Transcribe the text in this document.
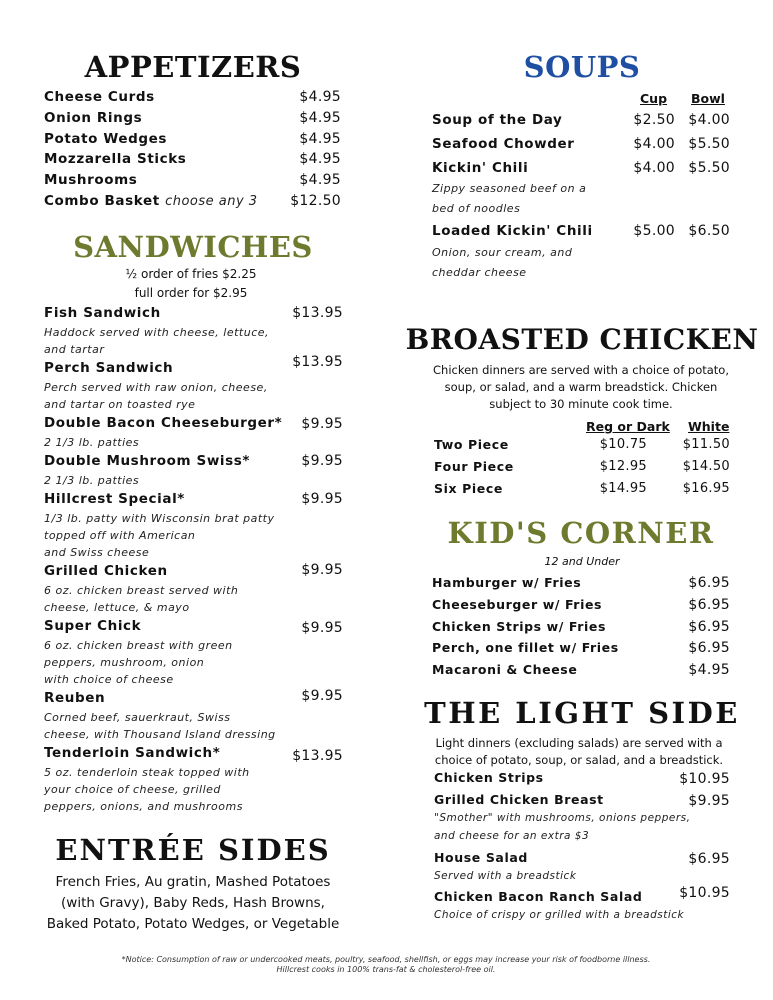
APPETIZERS
Cheese Curds	$4.95
Onion Rings	$4.95
Potato Wedges	$4.95
Mozzarella Sticks	$4.95
Mushrooms	$4.95
Combo Basket choose any 3 $12.50
SANDWICHES
½ order of fries $2.25
full order for $2.95
Fish Sandwich	$13.95
Haddock served with cheese, lettuce,
and tartar
Perch Sandwich	$13.95
Perch served with raw onion, cheese,
and tartar on toasted rye
Double Bacon Cheeseburger* $9.95
2 1/3 lb. patties
Double Mushroom Swiss*	$9.95
2 1/3 lb. patties
Hillcrest Special*	$9.95
1/3 lb. patty with Wisconsin brat patty
topped off with American
and Swiss cheese
Grilled Chicken	$9.95
6 oz. chicken breast served with
cheese, lettuce, & mayo
Super Chick	$9.95
6 oz. chicken breast with green
peppers, mushroom, onion
with choice of cheese
Reuben	$9.95
Corned beef, sauerkraut, Swiss
cheese, with Thousand Island dressing
Tenderloin Sandwich*	$13.95
5 oz. tenderloin steak topped with
your choice of cheese, grilled
peppers, onions, and mushrooms
ENTRÉE SIDES
French Fries, Au gratin, Mashed Potatoes
(with Gravy), Baby Reds, Hash Browns,
Baked Potato, Potato Wedges, or Vegetable
SOUPS
Cup Bowl
Soup of the Day	$2.50 $4.00
Seafood Chowder	$4.00 $5.50
Kickin' Chili	$4.00 $5.50
Zippy seasoned beef on a
bed of noodles
Loaded Kickin' Chili	$5.00 $6.50
Onion, sour cream, and
cheddar cheese
BROASTED CHICKEN
Chicken dinners are served with a choice of potato,
soup, or salad, and a warm breadstick. Chicken
subject to 30 minute cook time.
Reg or Dark White
Two Piece	$10.75	$11.50
Four Piece	$12.95	$14.50
Six Piece	$14.95	$16.95
KID'S CORNER
12 and Under
Hamburger w/ Fries	$6.95
Cheeseburger w/ Fries	$6.95
Chicken Strips w/ Fries	$6.95
Perch, one fillet w/ Fries	$6.95
Macaroni & Cheese	$4.95
THE LIGHT SIDE
Light dinners (excluding salads) are served with a
choice of potato, soup, or salad, and a breadstick.
Chicken Strips	$10.95
Grilled Chicken Breast	$9.95
"Smother" with mushrooms, onions peppers,
and cheese for an extra $3
House Salad	$6.95
Served with a breadstick
Chicken Bacon Ranch Salad	$10.95
Choice of crispy or grilled with a breadstick
*Notice: Consumption of raw or undercooked meats, poultry, seafood, shellfish, or eggs may increase your risk of foodborne illness.
Hillcrest cooks in 100% trans-fat & cholesterol-free oil.
